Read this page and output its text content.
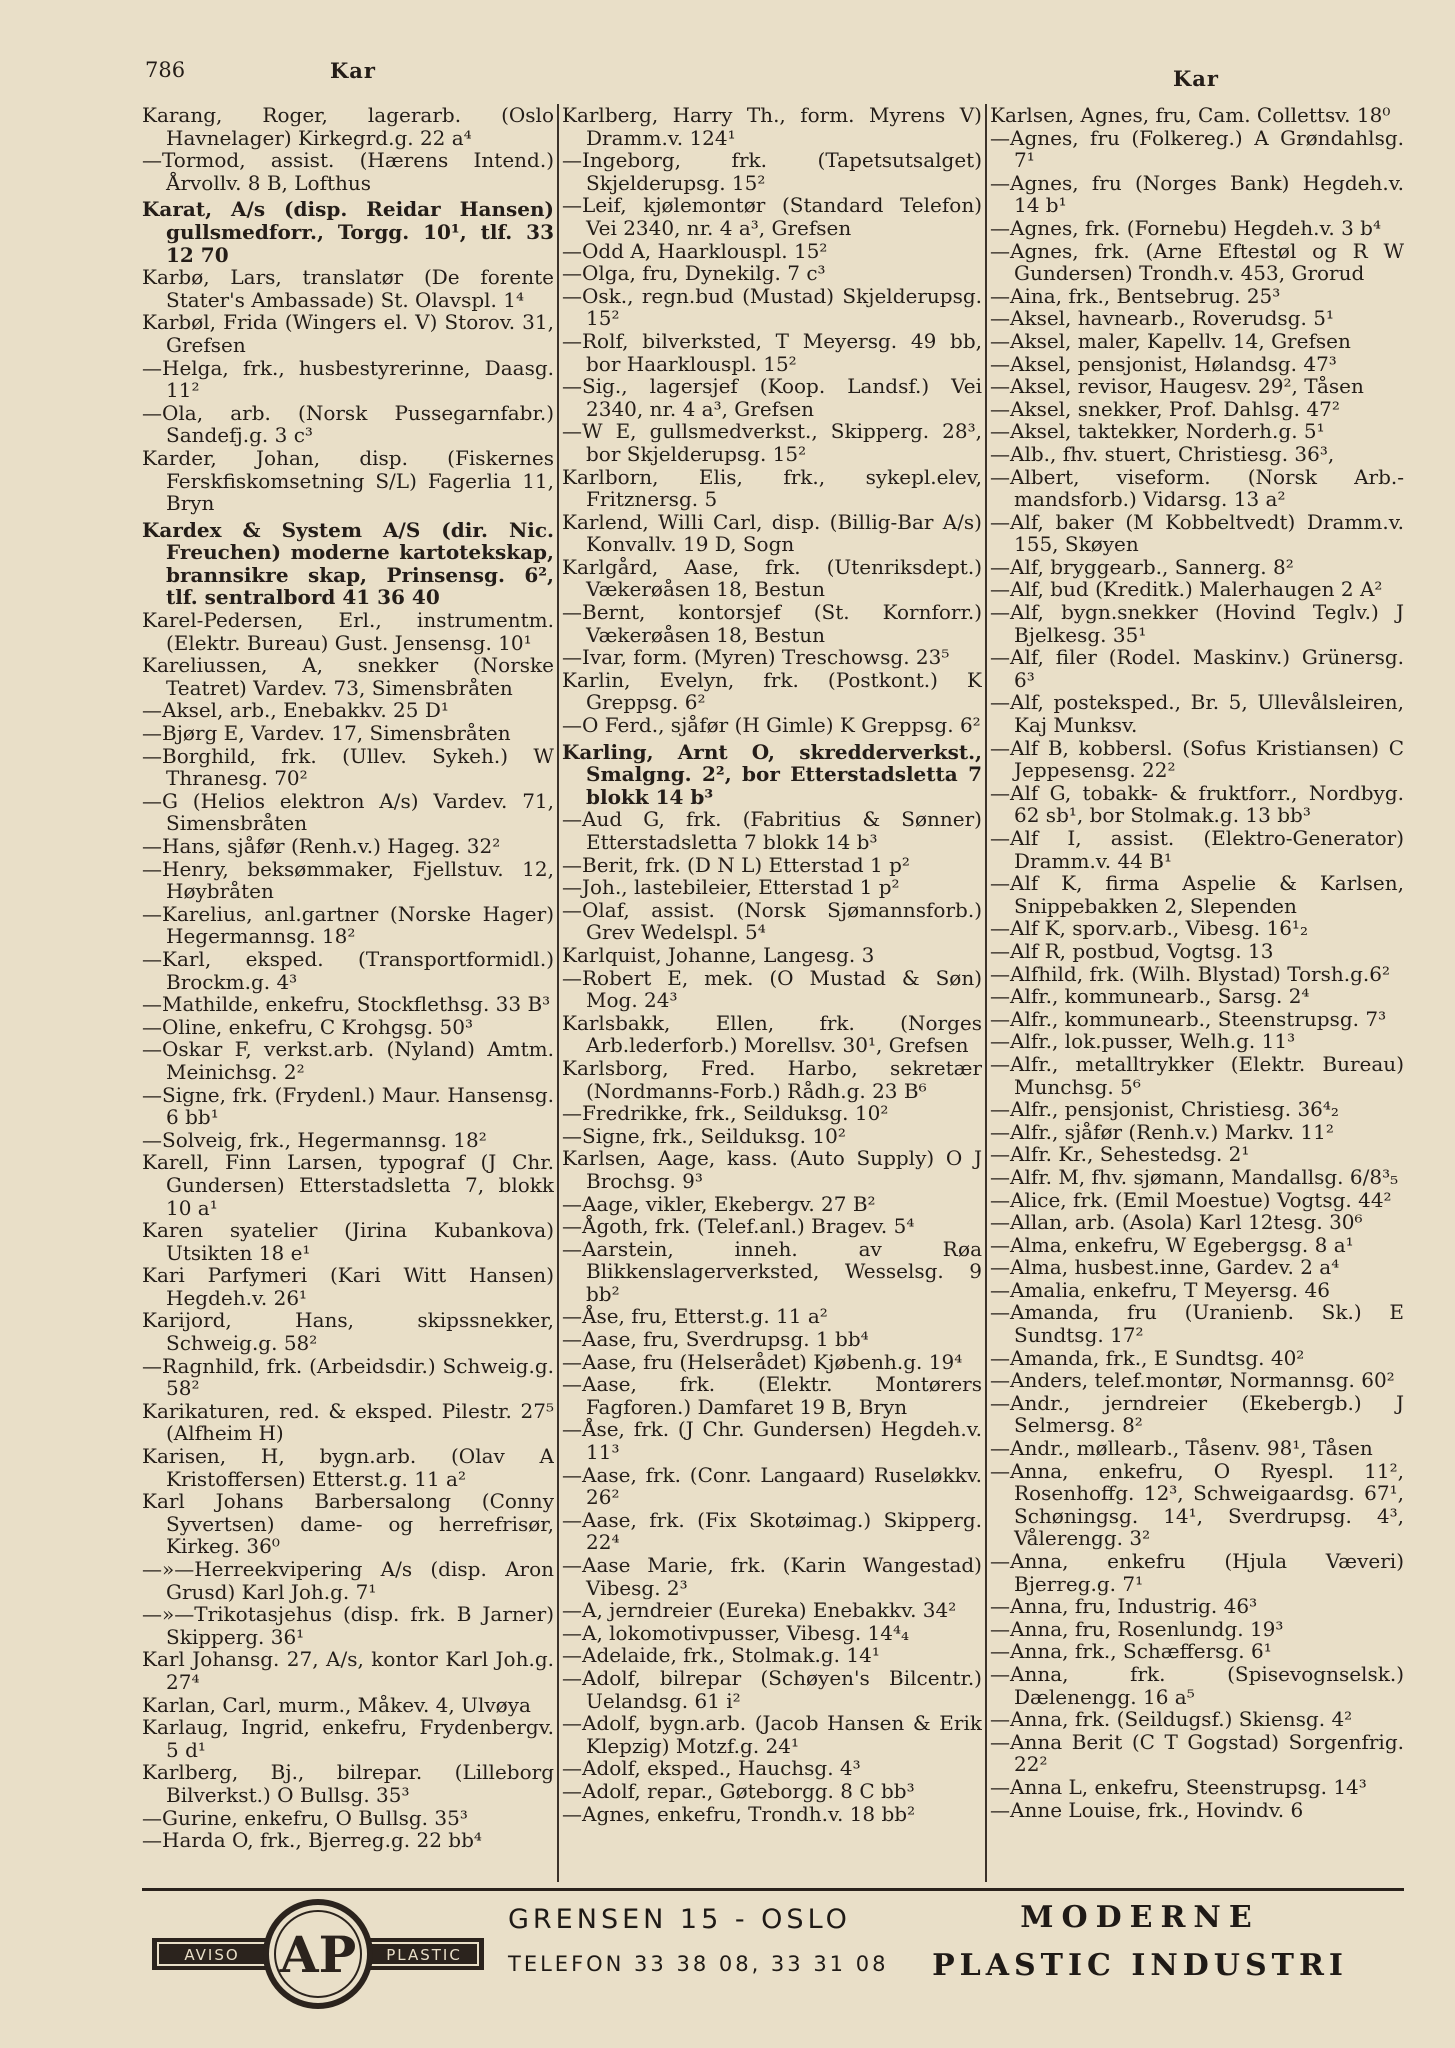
786	Kar	Kar

Karang, Roger, lagerarb. (Oslo Havnelager) Kirkegrd.g. 22 a⁴

—Tormod, assist. (Hærens Intend.) Årvollv. 8 B, Lofthus

Karat, A/s (disp. Reidar Hansen) gullsmedforr., Torgg. 10¹, tlf. 33 12 70

Karbø, Lars, translatør (De forente Stater's Ambassade) St. Olavspl. 1⁴

Karbøl, Frida (Wingers el. V) Storov. 31, Grefsen

—Helga, frk., husbestyrerinne, Daasg. 11²

—Ola, arb. (Norsk Pussegarnfabr.) Sandefj.g. 3 c³

Karder, Johan, disp. (Fiskernes Ferskfiskomsetning S/L) Fagerlia 11, Bryn

Kardex & System A/S (dir. Nic. Freuchen) moderne kartotekskap, brannsikre skap, Prinsensg. 6², tlf. sentralbord 41 36 40

Karel-Pedersen, Erl., instrumentm. (Elektr. Bureau) Gust. Jensensg. 10¹

Kareliussen, A, snekker (Norske Teatret) Vardev. 73, Simensbråten

—Aksel, arb., Enebakkv. 25 D¹

—Bjørg E, Vardev. 17, Simensbråten

—Borghild, frk. (Ullev. Sykeh.) W Thranesg. 70²

—G (Helios elektron A/s) Vardev. 71, Simensbråten

—Hans, sjåfør (Renh.v.) Hageg. 32²

—Henry, beksømmaker, Fjellstuv. 12, Høybråten

—Karelius, anl.gartner (Norske Hager) Hegermannsg. 18²

—Karl, eksped. (Transportformidl.) Brockm.g. 4³

—Mathilde, enkefru, Stockflethsg. 33 B³

—Oline, enkefru, C Krohgsg. 50³

—Oskar F, verkst.arb. (Nyland) Amtm. Meinichsg. 2²

—Signe, frk. (Frydenl.) Maur. Hansensg. 6 bb¹

—Solveig, frk., Hegermannsg. 18²

Karell, Finn Larsen, typograf (J Chr. Gundersen) Etterstadsletta 7, blokk 10 a¹

Karen syatelier (Jirina Kubankova) Utsikten 18 e¹

Kari Parfymeri (Kari Witt Hansen) Hegdeh.v. 26¹

Karijord, Hans, skipssnekker, Schweig.g. 58²

—Ragnhild, frk. (Arbeidsdir.) Schweig.g. 58²

Karikaturen, red. & eksped. Pilestr. 27⁵ (Alfheim H)

Karisen, H, bygn.arb. (Olav A Kristoffersen) Etterst.g. 11 a²

Karl Johans Barbersalong (Conny Syvertsen) dame- og herrefrisør, Kirkeg. 36⁰

—»—Herreekvipering A/s (disp. Aron Grusd) Karl Joh.g. 7¹

—»—Trikotasjehus (disp. frk. B Jarner) Skipperg. 36¹

Karl Johansg. 27, A/s, kontor Karl Joh.g. 27⁴

Karlan, Carl, murm., Måkev. 4, Ulvøya

Karlaug, Ingrid, enkefru, Frydenbergv. 5 d¹

Karlberg, Bj., bilrepar. (Lilleborg Bilverkst.) O Bullsg. 35³

—Gurine, enkefru, O Bullsg. 35³

—Harda O, frk., Bjerreg.g. 22 bb⁴

Karlberg, Harry Th., form. Myrens V) Dramm.v. 124¹

—Ingeborg, frk. (Tapetsutsalget) Skjelderupsg. 15²

—Leif, kjølemontør (Standard Telefon) Vei 2340, nr. 4 a³, Grefsen

—Odd A, Haarklouspl. 15²

—Olga, fru, Dynekilg. 7 c³

—Osk., regn.bud (Mustad) Skjelderupsg. 15²

—Rolf, bilverksted, T Meyersg. 49 bb, bor Haarklouspl. 15²

—Sig., lagersjef (Koop. Landsf.) Vei 2340, nr. 4 a³, Grefsen

—W E, gullsmedverkst., Skipperg. 28³, bor Skjelderupsg. 15²

Karlborn, Elis, frk., sykepl.elev, Fritznersg. 5

Karlend, Willi Carl, disp. (Billig-Bar A/s) Konvallv. 19 D, Sogn

Karlgård, Aase, frk. (Utenriksdept.) Vækerøåsen 18, Bestun

—Bernt, kontorsjef (St. Kornforr.) Vækerøåsen 18, Bestun

—Ivar, form. (Myren) Treschowsg. 23⁵

Karlin, Evelyn, frk. (Postkont.) K Greppsg. 6²

—O Ferd., sjåfør (H Gimle) K Greppsg. 6²

Karling, Arnt O, skredderverkst., Smalgng. 2², bor Etterstadsletta 7 blokk 14 b³

—Aud G, frk. (Fabritius & Sønner) Etterstadsletta 7 blokk 14 b³

—Berit, frk. (D N L) Etterstad 1 p²

—Joh., lastebileier, Etterstad 1 p²

—Olaf, assist. (Norsk Sjømannsforb.) Grev Wedelspl. 5⁴

Karlquist, Johanne, Langesg. 3

—Robert E, mek. (O Mustad & Søn) Mog. 24³

Karlsbakk, Ellen, frk. (Norges Arb.lederforb.) Morellsv. 30¹, Grefsen

Karlsborg, Fred. Harbo, sekretær (Nordmanns-Forb.) Rådh.g. 23 B⁶

—Fredrikke, frk., Seilduksg. 10²

—Signe, frk., Seilduksg. 10²

Karlsen, Aage, kass. (Auto Supply) O J Brochsg. 9³

—Aage, vikler, Ekebergv. 27 B²

—Ågoth, frk. (Telef.anl.) Bragev. 5⁴

—Aarstein, inneh. av Røa Blikkenslagerverksted, Wesselsg. 9 bb²

—Åse, fru, Etterst.g. 11 a²

—Aase, fru, Sverdrupsg. 1 bb⁴

—Aase, fru (Helserådet) Kjøbenh.g. 19⁴

—Aase, frk. (Elektr. Montørers Fagforen.) Damfaret 19 B, Bryn

—Åse, frk. (J Chr. Gundersen) Hegdeh.v. 11³

—Aase, frk. (Conr. Langaard) Ruseløkkv. 26²

—Aase, frk. (Fix Skotøimag.) Skipperg. 22⁴

—Aase Marie, frk. (Karin Wangestad) Vibesg. 2³

—A, jerndreier (Eureka) Enebakkv. 34²

—A, lokomotivpusser, Vibesg. 14⁴₄

—Adelaide, frk., Stolmak.g. 14¹

—Adolf, bilrepar (Schøyen's Bilcentr.) Uelandsg. 61 i²

—Adolf, bygn.arb. (Jacob Hansen & Erik Klepzig) Motzf.g. 24¹

—Adolf, eksped., Hauchsg. 4³

—Adolf, repar., Gøteborgg. 8 C bb³

—Agnes, enkefru, Trondh.v. 18 bb²

Karlsen, Agnes, fru, Cam. Collettsv. 18⁰

—Agnes, fru (Folkereg.) A Grøndahlsg. 7¹

—Agnes, fru (Norges Bank) Hegdeh.v. 14 b¹

—Agnes, frk. (Fornebu) Hegdeh.v. 3 b⁴

—Agnes, frk. (Arne Eftestøl og R W Gundersen) Trondh.v. 453, Grorud

—Aina, frk., Bentsebrug. 25³

—Aksel, havnearb., Roverudsg. 5¹

—Aksel, maler, Kapellv. 14, Grefsen

—Aksel, pensjonist, Hølandsg. 47³

—Aksel, revisor, Haugesv. 29², Tåsen

—Aksel, snekker, Prof. Dahlsg. 47²

—Aksel, taktekker, Norderh.g. 5¹

—Alb., fhv. stuert, Christiesg. 36³,

—Albert, viseform. (Norsk Arb.-mandsforb.) Vidarsg. 13 a²

—Alf, baker (M Kobbeltvedt) Dramm.v. 155, Skøyen

—Alf, bryggearb., Sannerg. 8²

—Alf, bud (Kreditk.) Malerhaugen 2 A²

—Alf, bygn.snekker (Hovind Teglv.) J Bjelkesg. 35¹

—Alf, filer (Rodel. Maskinv.) Grünersg. 6³

—Alf, posteksped., Br. 5, Ullevålsleiren, Kaj Munksv.

—Alf B, kobbersl. (Sofus Kristiansen) C Jeppesensg. 22²

—Alf G, tobakk- & fruktforr., Nordbyg. 62 sb¹, bor Stolmak.g. 13 bb³

—Alf I, assist. (Elektro-Generator) Dramm.v. 44 B¹

—Alf K, firma Aspelie & Karlsen, Snippebakken 2, Slependen

—Alf K, sporv.arb., Vibesg. 16¹₂

—Alf R, postbud, Vogtsg. 13

—Alfhild, frk. (Wilh. Blystad) Torsh.g.6²

—Alfr., kommunearb., Sarsg. 2⁴

—Alfr., kommunearb., Steenstrupsg. 7³

—Alfr., lok.pusser, Welh.g. 11³

—Alfr., metalltrykker (Elektr. Bureau) Munchsg. 5⁶

—Alfr., pensjonist, Christiesg. 36⁴₂

—Alfr., sjåfør (Renh.v.) Markv. 11²

—Alfr. Kr., Sehestedsg. 2¹

—Alfr. M, fhv. sjømann, Mandallsg. 6/8³₅

—Alice, frk. (Emil Moestue) Vogtsg. 44²

—Allan, arb. (Asola) Karl 12tesg. 30⁶

—Alma, enkefru, W Egebergsg. 8 a¹

—Alma, husbest.inne, Gardev. 2 a⁴

—Amalia, enkefru, T Meyersg. 46

—Amanda, fru (Uranienb. Sk.) E Sundtsg. 17²

—Amanda, frk., E Sundtsg. 40²

—Anders, telef.montør, Normannsg. 60²

—Andr., jerndreier (Ekebergb.) J Selmersg. 8²

—Andr., møllearb., Tåsenv. 98¹, Tåsen

—Anna, enkefru, O Ryespl. 11², Rosenhoffg. 12³, Schweigaardsg. 67¹, Schøningsg. 14¹, Sverdrupsg. 4³, Vålerengg. 3²

—Anna, enkefru (Hjula Væveri) Bjerreg.g. 7¹

—Anna, fru, Industrig. 46³

—Anna, fru, Rosenlundg. 19³

—Anna, frk., Schæffersg. 6¹

—Anna, frk. (Spisevognselsk.) Dælenengg. 16 a⁵

—Anna, frk. (Seildugsf.) Skiensg. 4²

—Anna Berit (C T Gogstad) Sorgenfrig. 22²

—Anna L, enkefru, Steenstrupsg. 14³

—Anne Louise, frk., Hovindv. 6

AVISO	PLASTIC
AP
GRENSEN 15 - OSLO
TELEFON 33 38 08, 33 31 08
MODERNE
PLASTIC INDUSTRI
